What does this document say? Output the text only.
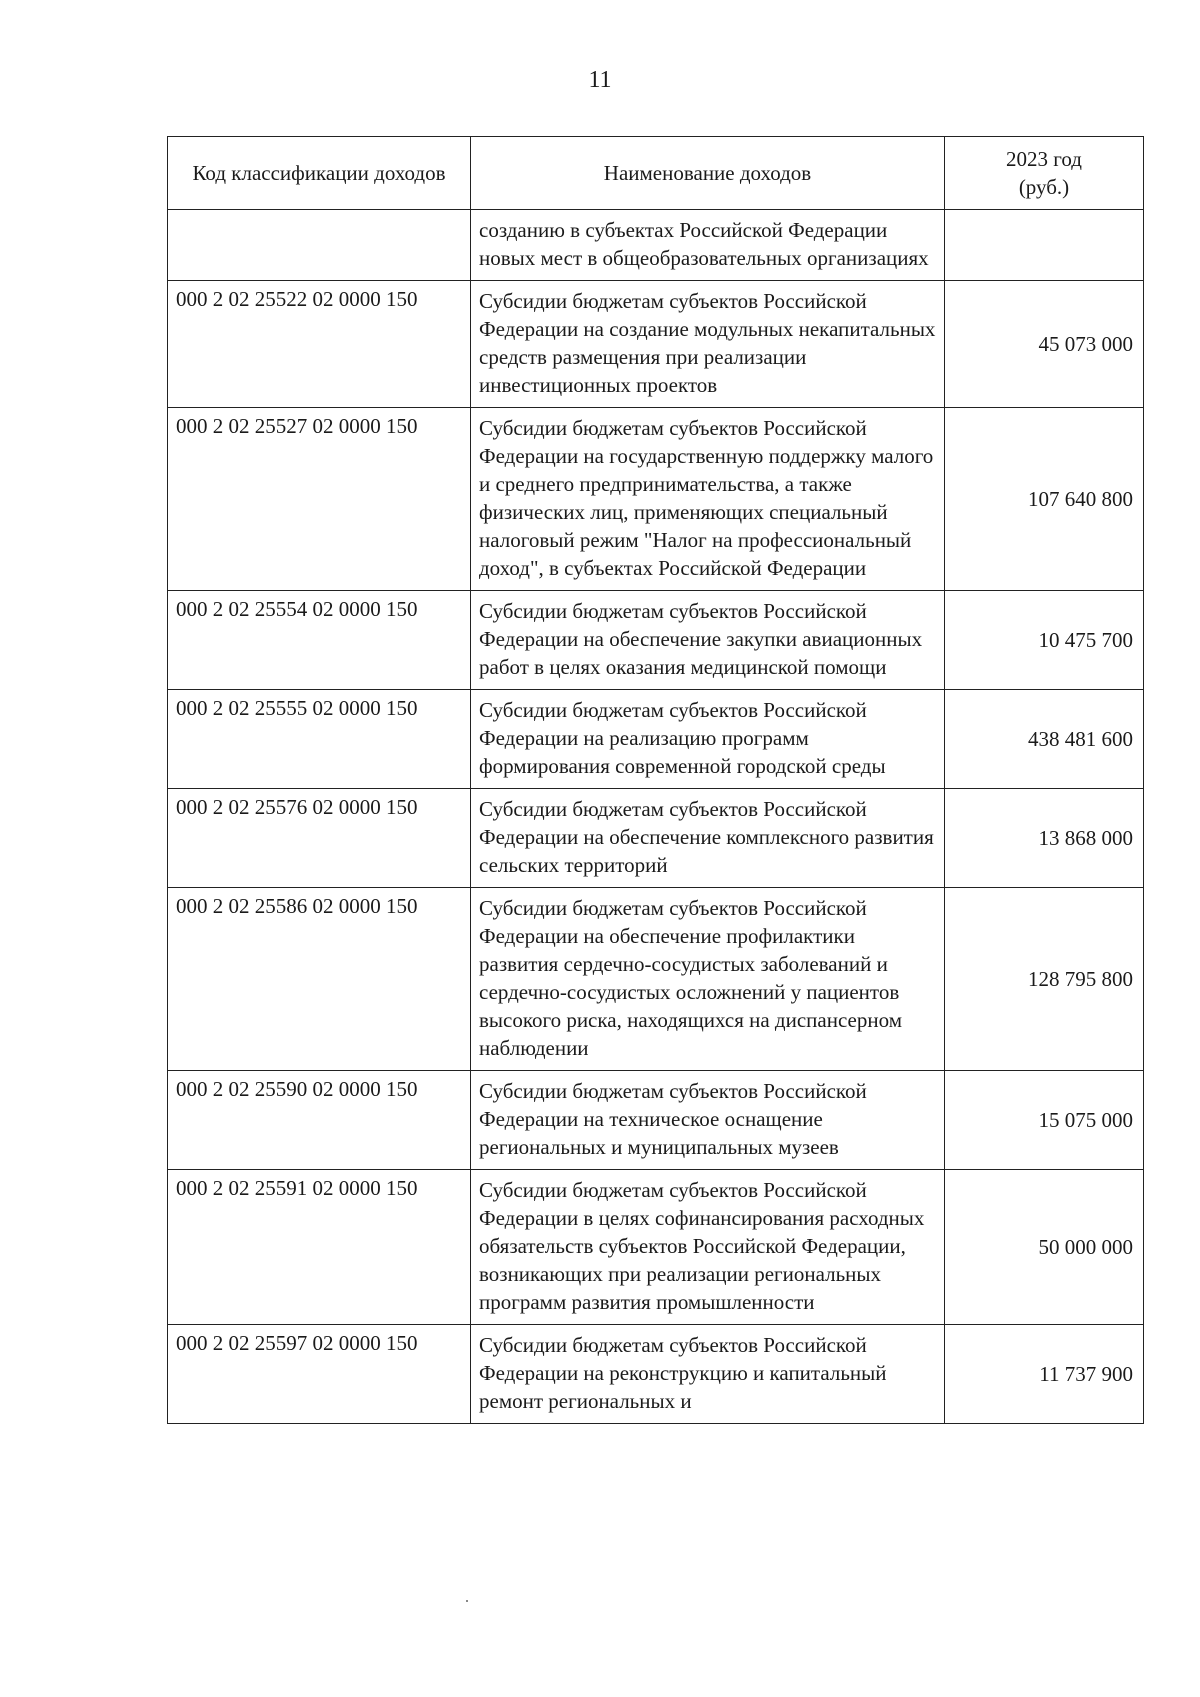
11
Код классификации доходов	Наименование доходов	2023 год (руб.)

	созданию в субъектах Российской Федерации новых мест в общеобразовательных организациях	
000 2 02 25522 02 0000 150	Субсидии бюджетам субъектов Российской Федерации на создание модульных некапитальных средств размещения при реализации инвестиционных проектов	45 073 000
000 2 02 25527 02 0000 150	Субсидии бюджетам субъектов Российской Федерации на государственную поддержку малого и среднего предпринимательства, а также физических лиц, применяющих специальный налоговый режим "Налог на профессиональный доход", в субъектах Российской Федерации	107 640 800
000 2 02 25554 02 0000 150	Субсидии бюджетам субъектов Российской Федерации на обеспечение закупки авиационных работ в целях оказания медицинской помощи	10 475 700
000 2 02 25555 02 0000 150	Субсидии бюджетам субъектов Российской Федерации на реализацию программ формирования современной городской среды	438 481 600
000 2 02 25576 02 0000 150	Субсидии бюджетам субъектов Российской Федерации на обеспечение комплексного развития сельских территорий	13 868 000
000 2 02 25586 02 0000 150	Субсидии бюджетам субъектов Российской Федерации на обеспечение профилактики развития сердечно-сосудистых заболеваний и сердечно-сосудистых осложнений у пациентов высокого риска, находящихся на диспансерном наблюдении	128 795 800
000 2 02 25590 02 0000 150	Субсидии бюджетам субъектов Российской Федерации на техническое оснащение региональных и муниципальных музеев	15 075 000
000 2 02 25591 02 0000 150	Субсидии бюджетам субъектов Российской Федерации в целях софинансирования расходных обязательств субъектов Российской Федерации, возникающих при реализации региональных программ развития промышленности	50 000 000
000 2 02 25597 02 0000 150	Субсидии бюджетам субъектов Российской Федерации на реконструкцию и капитальный ремонт региональных и	11 737 900
